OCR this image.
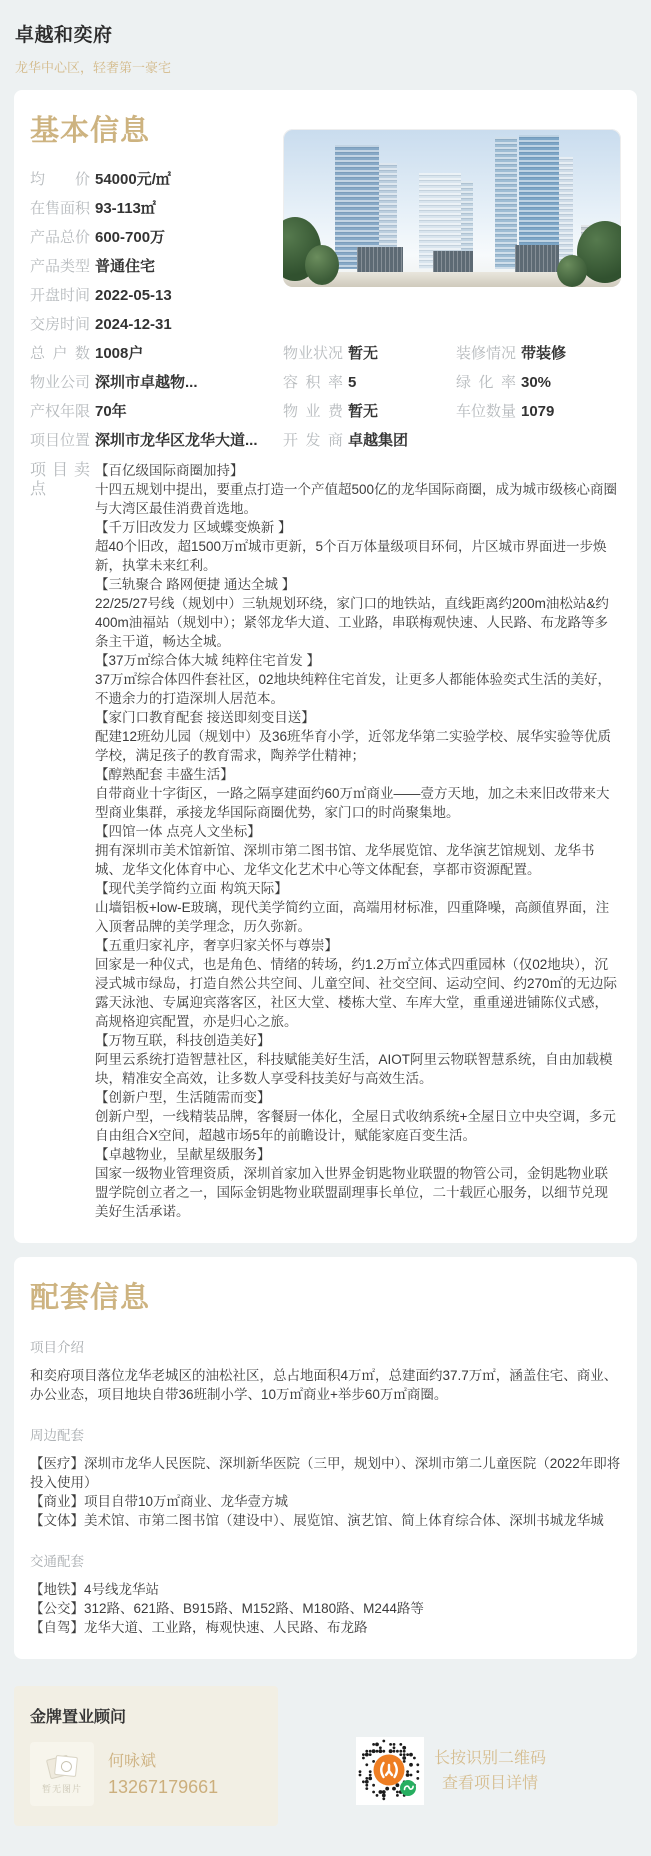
卓越和奕府

龙华中心区，轻奢第一豪宅

基本信息
均价 54000元/㎡
在售面积 93-113㎡
产品总价 600-700万
产品类型 普通住宅
开盘时间 2022-05-13
交房时间 2024-12-31
总户数 1008户
物业公司 深圳市卓越物...
产权年限 70年
项目位置 深圳市龙华区龙华大道...
物业状况 暂无
容积率 5
物业费 暂无
开发商 卓越集团
装修情况 带装修
绿化率 30%
车位数量 1079
项目卖点
【百亿级国际商圈加持】
十四五规划中提出，要重点打造一个产值超500亿的龙华国际商圈，成为城市级核心商圈与大湾区最佳消费首选地。
【千万旧改发力 区域蝶变焕新 】
超40个旧改，超1500万㎡城市更新，5个百万体量级项目环伺，片区城市界面进一步焕新，执掌未来红利。
【三轨聚合 路网便捷 通达全城 】
22/25/27号线（规划中）三轨规划环绕，家门口的地铁站，直线距离约200m油松站&约400m油福站（规划中）；紧邻龙华大道、工业路，串联梅观快速、人民路、布龙路等多条主干道，畅达全城。
【37万㎡综合体大城 纯粹住宅首发 】
37万㎡综合体四件套社区，02地块纯粹住宅首发，让更多人都能体验奕式生活的美好，不遗余力的打造深圳人居范本。
【家门口教育配套 接送即刻变目送】
配建12班幼儿园（规划中）及36班华育小学，近邻龙华第二实验学校、展华实验等优质学校，满足孩子的教育需求，陶养学仕精神；
【醇熟配套 丰盛生活】
自带商业十字街区，一路之隔享建面约60万㎡商业——壹方天地，加之未来旧改带来大型商业集群，承接龙华国际商圈优势，家门口的时尚聚集地。
【四馆一体 点亮人文坐标】
拥有深圳市美术馆新馆、深圳市第二图书馆、龙华展览馆、龙华演艺馆规划、龙华书城、龙华文化体育中心、龙华文化艺术中心等文体配套，享都市资源配置。
【现代美学简约立面 构筑天际】
山墙铝板+low-E玻璃，现代美学简约立面，高端用材标准，四重降噪，高颜值界面，注入顶奢品牌的美学理念，历久弥新。
【五重归家礼序，奢享归家关怀与尊崇】
回家是一种仪式，也是角色、情绪的转场，约1.2万㎡立体式四重园林（仅02地块），沉浸式城市绿岛，打造自然公共空间、儿童空间、社交空间、运动空间、约270㎡的无边际露天泳池、专属迎宾落客区，社区大堂、楼栋大堂、车库大堂，重重递进铺陈仪式感，高规格迎宾配置，亦是归心之旅。
【万物互联，科技创造美好】
阿里云系统打造智慧社区，科技赋能美好生活，AIOT阿里云物联智慧系统，自由加载模块，精准安全高效，让多数人享受科技美好与高效生活。
【创新户型，生活随需而变】
创新户型，一线精装品牌，客餐厨一体化，全屋日式收纳系统+全屋日立中央空调，多元自由组合X空间，超越市场5年的前瞻设计，赋能家庭百变生活。
【卓越物业，呈献星级服务】
国家一级物业管理资质，深圳首家加入世界金钥匙物业联盟的物管公司，金钥匙物业联盟学院创立者之一，国际金钥匙物业联盟副理事长单位，二十载匠心服务，以细节兑现美好生活承诺。
配套信息
项目介绍

和奕府项目落位龙华老城区的油松社区，总占地面积4万㎡，总建面约37.7万㎡，涵盖住宅、商业、办公业态，项目地块自带36班制小学、10万㎡商业+举步60万㎡商圈。

周边配套
【医疗】深圳市龙华人民医院、深圳新华医院（三甲，规划中）、深圳市第二儿童医院（2022年即将投入使用）
【商业】项目自带10万㎡商业、龙华壹方城
【文体】美术馆、市第二图书馆（建设中）、展览馆、演艺馆、简上体育综合体、深圳书城龙华城
交通配套
【地铁】4号线龙华站
【公交】312路、621路、B915路、M152路、M180路、M244路等
【自驾】龙华大道、工业路，梅观快速、人民路、布龙路
金牌置业顾问
暂无图片
何咏斌
13267179661
长按识别二维码
查看项目详情
